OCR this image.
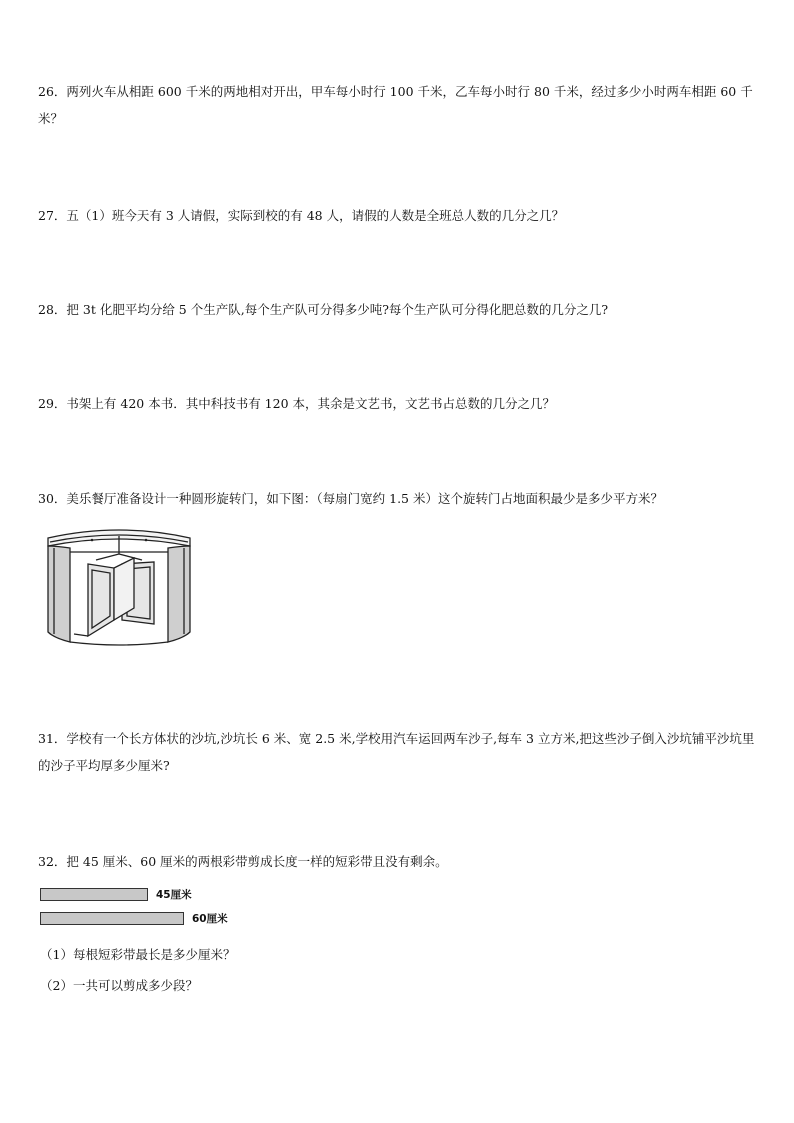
26．两列火车从相距 600 千米的两地相对开出，甲车每小时行 100 千米，乙车每小时行 80 千米，经过多少小时两车相距 60 千米？

27．五（1）班今天有 3 人请假，实际到校的有 48 人，请假的人数是全班总人数的几分之几？

28．把 3t 化肥平均分给 5 个生产队,每个生产队可分得多少吨?每个生产队可分得化肥总数的几分之几?

29．书架上有 420 本书．其中科技书有 120 本，其余是文艺书，文艺书占总数的几分之几？

30．美乐餐厅准备设计一种圆形旋转门，如下图：（每扇门宽约 1.5 米）这个旋转门占地面积最少是多少平方米？

31．学校有一个长方体状的沙坑,沙坑长 6 米、宽 2.5 米,学校用汽车运回两车沙子,每车 3 立方米,把这些沙子倒入沙坑铺平沙坑里的沙子平均厚多少厘米?

32．把 45 厘米、60 厘米的两根彩带剪成长度一样的短彩带且没有剩余。

45厘米
60厘米

（1）每根短彩带最长是多少厘米？

（2）一共可以剪成多少段？
